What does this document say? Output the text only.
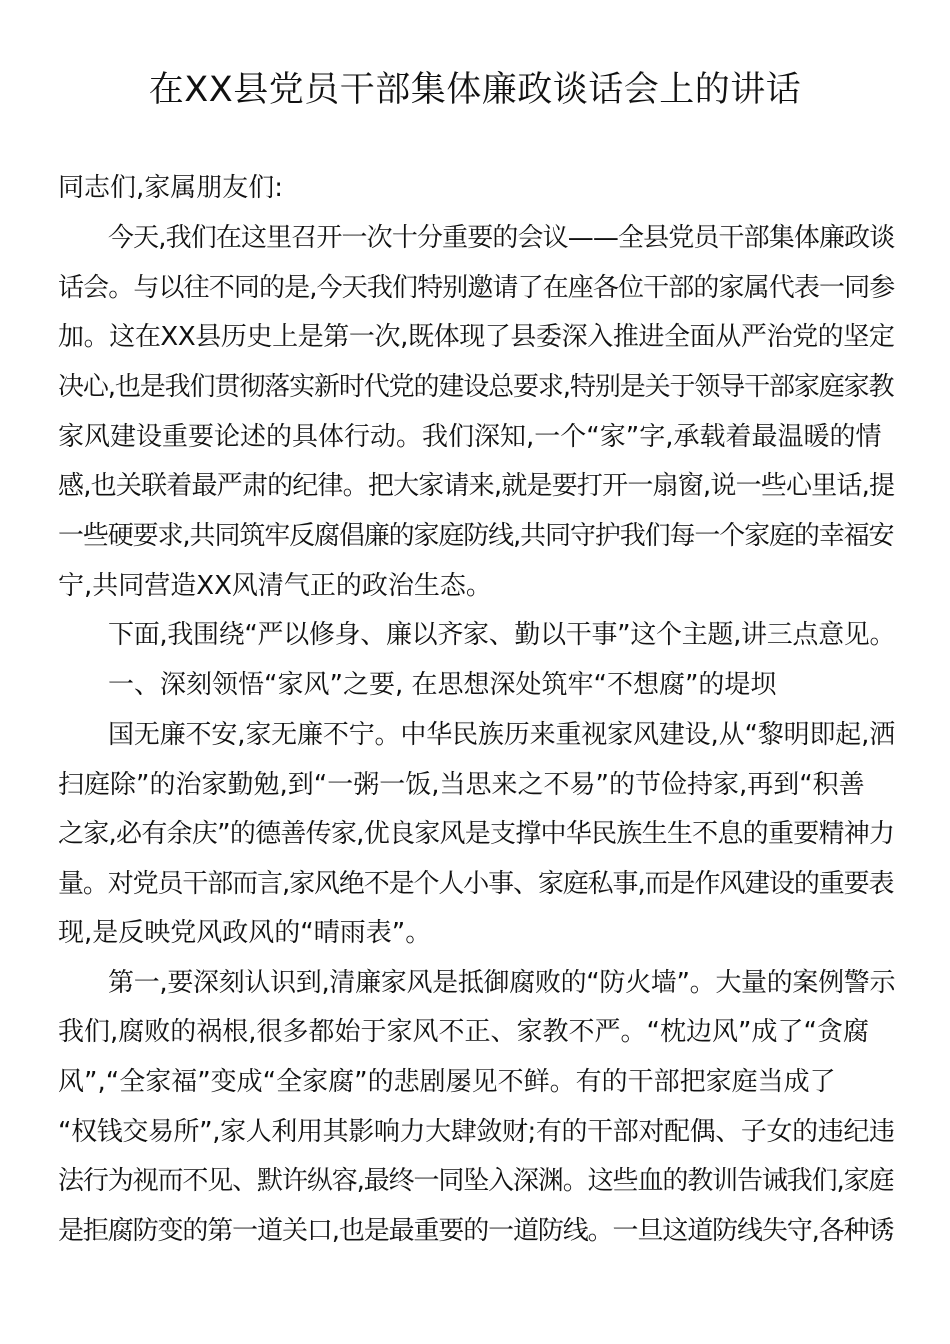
在XX县党员干部集体廉政谈话会上的讲话
同志们,家属朋友们:
今天,我们在这里召开一次十分重要的会议——全县党员干部集体廉政谈
话会。与以往不同的是,今天我们特别邀请了在座各位干部的家属代表一同参
加。这在XX县历史上是第一次,既体现了县委深入推进全面从严治党的坚定
决心,也是我们贯彻落实新时代党的建设总要求,特别是关于领导干部家庭家教
家风建设重要论述的具体行动。我们深知,一个“家”字,承载着最温暖的情
感,也关联着最严肃的纪律。把大家请来,就是要打开一扇窗,说一些心里话,提
一些硬要求,共同筑牢反腐倡廉的家庭防线,共同守护我们每一个家庭的幸福安
宁,共同营造XX风清气正的政治生态。
下面,我围绕“严以修身、廉以齐家、勤以干事”这个主题,讲三点意见。
一、深刻领悟“家风”之要, 在思想深处筑牢“不想腐”的堤坝
国无廉不安,家无廉不宁。中华民族历来重视家风建设,从“黎明即起,洒
扫庭除”的治家勤勉,到“一粥一饭,当思来之不易”的节俭持家,再到“积善
之家,必有余庆”的德善传家,优良家风是支撑中华民族生生不息的重要精神力
量。对党员干部而言,家风绝不是个人小事、家庭私事,而是作风建设的重要表
现,是反映党风政风的“晴雨表”。
第一,要深刻认识到,清廉家风是抵御腐败的“防火墙”。大量的案例警示
我们,腐败的祸根,很多都始于家风不正、家教不严。“枕边风”成了“贪腐
风”,“全家福”变成“全家腐”的悲剧屡见不鲜。有的干部把家庭当成了
“权钱交易所”,家人利用其影响力大肆敛财;有的干部对配偶、子女的违纪违
法行为视而不见、默许纵容,最终一同坠入深渊。这些血的教训告诫我们,家庭
是拒腐防变的第一道关口,也是最重要的一道防线。一旦这道防线失守,各种诱
